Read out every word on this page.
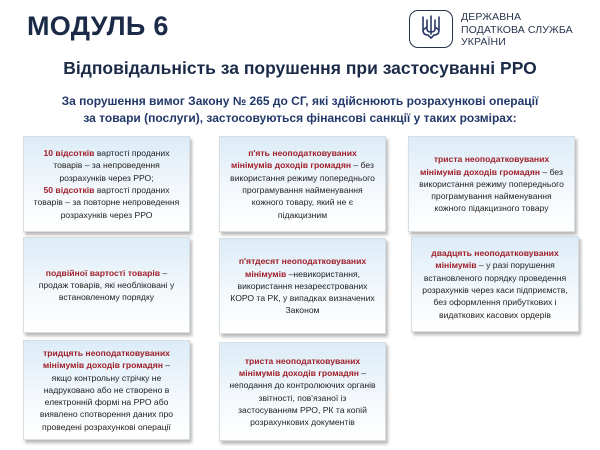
МОДУЛЬ 6	ДЕРЖАВНА
ПОДАТКОВА СЛУЖБА
УКРАЇНИ
Відповідальність за порушення при застосуванні РРО
За порушення вимог Закону № 265 до СГ, які здійснюють розрахункові операції
за товари (послуги), застосовуються фінансові санкції у таких розмірах:
10 відсотків вартості проданих товарів – за непроведення розрахунків через РРО;
50 відсотків вартості проданих товарів – за повторне непроведення розрахунків через РРО
подвійної вартості товарів – продаж товарів, які необліковані у встановленому порядку
тридцять неоподатковуваних мінімумів доходів громадян – якщо контрольну стрічку не надруковано або не створено в електронній формі на РРО або виявлено спотворення даних про проведені розрахункові операції
п'ять неоподатковуваних мінімумів доходів громадян – без використання режиму попереднього програмування найменування кожного товару, який не є підакцизним
п'ятдесят неоподатковуваних мінімумів –невикористання, використання незареєстрованих КОРО та РК, у випадках визначених Законом
триста неоподатковуваних мінімумів доходів громадян – неподання до контролюючих органів звітності, пов'язаної із застосуванням РРО, РК та копій розрахункових документів
триста неоподатковуваних мінімумів доходів громадян – без використання режиму попереднього програмування найменування кожного підакцизного товару
двадцять неоподатковуваних мінімумів – у разі порушення встановленого порядку проведення розрахунків через каси підприємств, без оформлення прибуткових і видаткових касових ордерів
